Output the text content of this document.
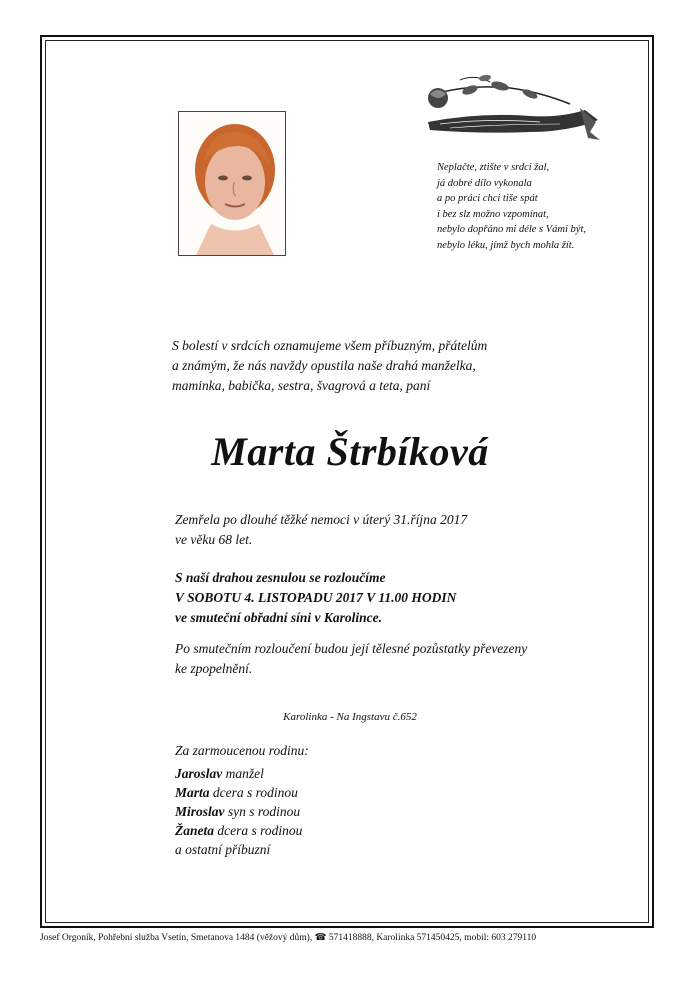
Neplačte, ztište v srdci žal,
já dobré dílo vykonala
a po práci chci tiše spát
i bez slz možno vzpomínat,
nebylo dopřáno mi déle s Vámi být,
nebylo léku, jímž bych mohla žít.
S bolestí v srdcích oznamujeme všem příbuzným, přátelům
a známým, že nás navždy opustila naše drahá manželka,
maminka, babička, sestra, švagrová a teta, paní
Marta Štrbíková
Zemřela po dlouhé těžké nemoci v úterý 31.října 2017
ve věku 68 let.
S naší drahou zesnulou se rozloučíme
V SOBOTU 4. LISTOPADU 2017 V 11.00 HODIN
ve smuteční obřadní síni v Karolince.
Po smutečním rozloučení budou její tělesné pozůstatky převezeny
ke zpopelnění.
Karolinka - Na Ingstavu č.652
Za zarmoucenou rodinu:
Jaroslav manžel
Marta dcera s rodinou
Miroslav syn s rodinou
Žaneta dcera s rodinou
a ostatní příbuzní
Josef Orgoník, Pohřební služba Vsetín, Smetanova 1484 (věžový dům), ☎ 571418888, Karolinka 571450425, mobil: 603 279110
